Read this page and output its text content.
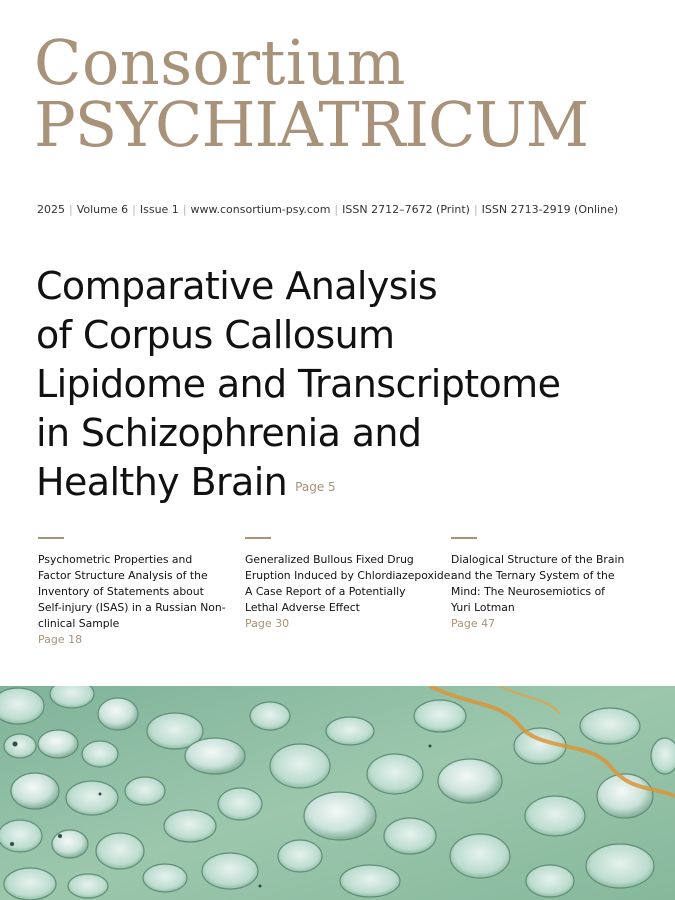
Consortium
PSYCHIATRICUM
2025 | Volume 6 | Issue 1 | www.consortium-psy.com | ISSN 2712–7672 (Print) | ISSN 2713-2919 (Online)
Comparative Analysis
of Corpus Callosum
Lipidome and Transcriptome
in Schizophrenia and
Healthy Brain Page 5
Psychometric Properties and
Factor Structure Analysis of the
Inventory of Statements about
Self-injury (ISAS) in a Russian Non-
clinical Sample
Page 18
Generalized Bullous Fixed Drug
Eruption Induced by Chlordiazepoxide:
A Case Report of a Potentially
Lethal Adverse Effect
Page 30
Dialogical Structure of the Brain
and the Ternary System of the
Mind: The Neurosemiotics of
Yuri Lotman
Page 47
